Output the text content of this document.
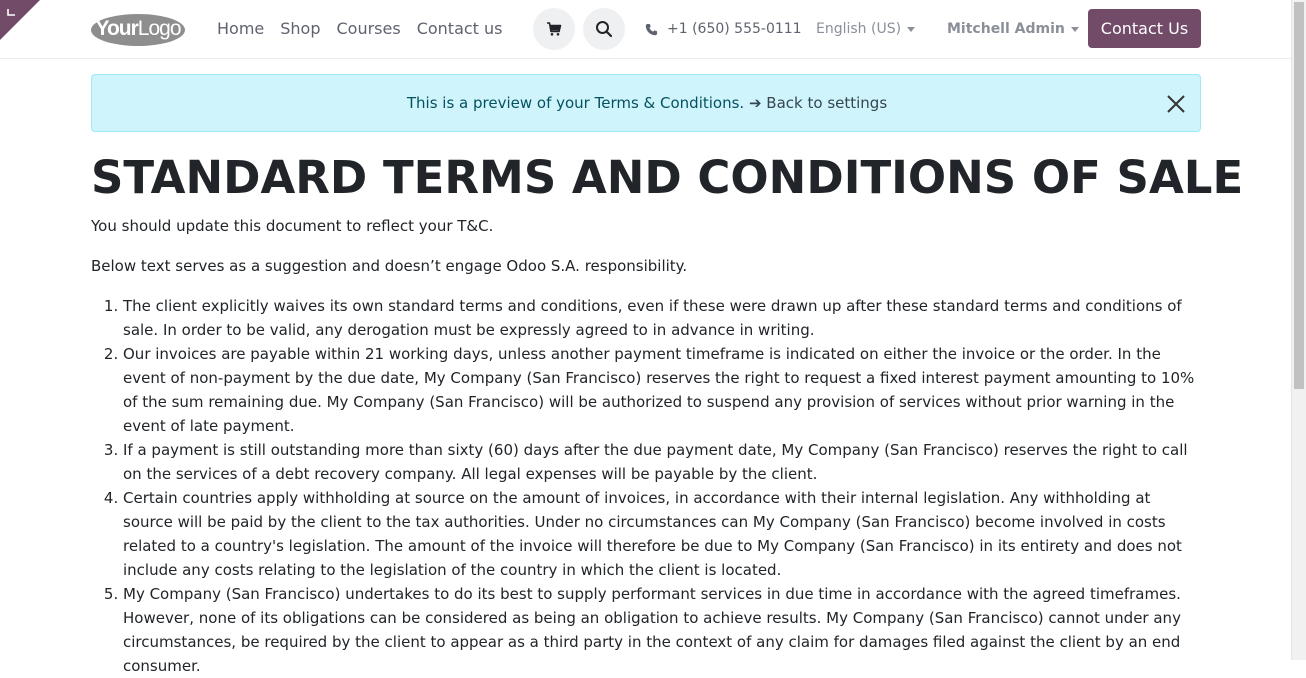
YourLogo	Home Shop Courses Contact us	+1 (650) 555-0111 English (US)	Mitchell Admin	Contact Us
This is a preview of your Terms & Conditions. ➔ Back to settings
STANDARD TERMS AND CONDITIONS OF SALE

You should update this document to reflect your T&C.

Below text serves as a suggestion and doesn’t engage Odoo S.A. responsibility.

1. The client explicitly waives its own standard terms and conditions, even if these were drawn up after these standard terms and conditions of sale. In order to be valid, any derogation must be expressly agreed to in advance in writing.
2. Our invoices are payable within 21 working days, unless another payment timeframe is indicated on either the invoice or the order. In the event of non-payment by the due date, My Company (San Francisco) reserves the right to request a fixed interest payment amounting to 10% of the sum remaining due. My Company (San Francisco) will be authorized to suspend any provision of services without prior warning in the event of late payment.
3. If a payment is still outstanding more than sixty (60) days after the due payment date, My Company (San Francisco) reserves the right to call on the services of a debt recovery company. All legal expenses will be payable by the client.
4. Certain countries apply withholding at source on the amount of invoices, in accordance with their internal legislation. Any withholding at source will be paid by the client to the tax authorities. Under no circumstances can My Company (San Francisco) become involved in costs related to a country's legislation. The amount of the invoice will therefore be due to My Company (San Francisco) in its entirety and does not include any costs relating to the legislation of the country in which the client is located.
5. My Company (San Francisco) undertakes to do its best to supply performant services in due time in accordance with the agreed timeframes. However, none of its obligations can be considered as being an obligation to achieve results. My Company (San Francisco) cannot under any circumstances, be required by the client to appear as a third party in the context of any claim for damages filed against the client by an end consumer.
